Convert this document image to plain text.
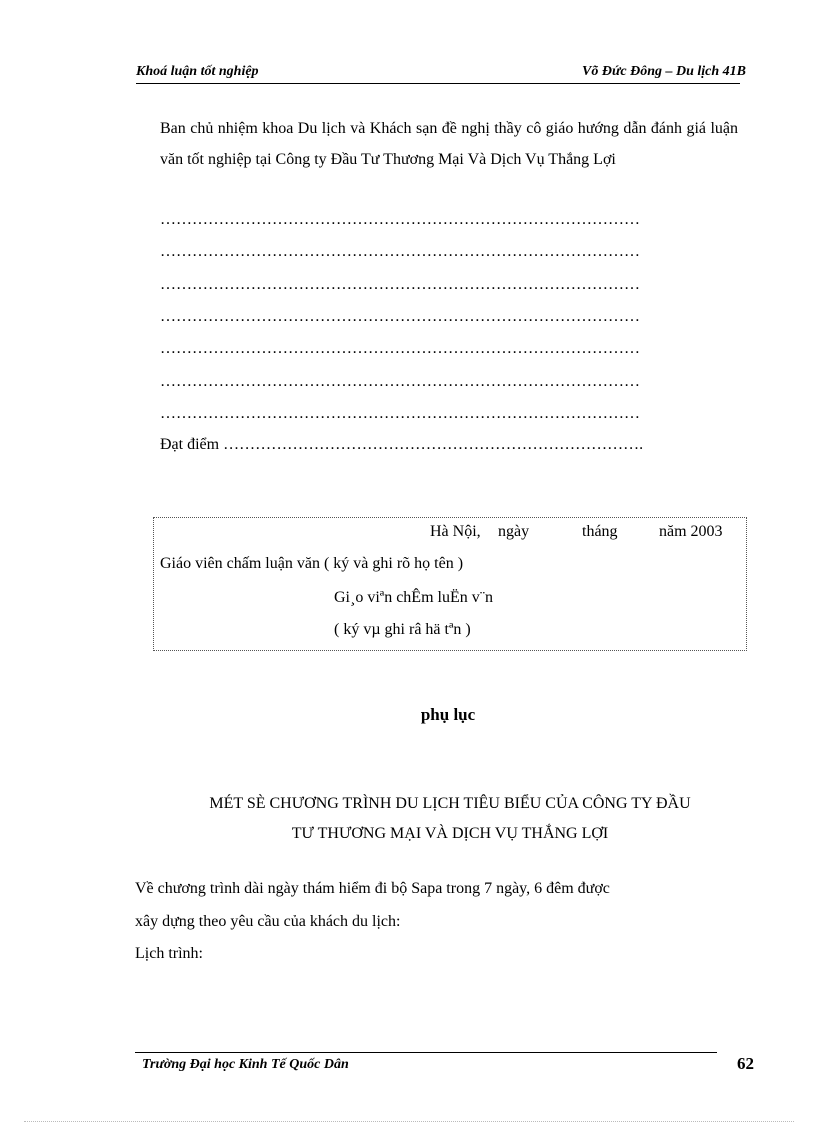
Khoá luận tốt nghiệp	Võ Đức Đông – Du lịch 41B
Ban chủ nhiệm khoa Du lịch và Khách sạn đề nghị thầy cô giáo hướng dẫn đánh giá luận văn tốt nghiệp tại Công ty Đầu Tư Thương Mại Và Dịch Vụ Thắng Lợi
………………………………………………………………………………
………………………………………………………………………………
………………………………………………………………………………
………………………………………………………………………………
………………………………………………………………………………
………………………………………………………………………………
………………………………………………………………………………
Đạt điểm …………………………………………………………………….
Hà Nội, ngày	tháng	năm 2003
Giáo viên chấm luận văn ( ký và ghi rõ họ tên )
Gi¸o viªn chÊm luËn v¨n
( ký vµ ghi râ hä tªn )
phụ lục
MÉT SÈ CHƯƠNG TRÌNH DU LỊCH TIÊU BIỂU CỦA CÔNG TY ĐẦU
TƯ THƯƠNG MẠI VÀ DỊCH VỤ THẮNG LỢI
Về chương trình dài ngày thám hiểm đi bộ Sapa trong 7 ngày, 6 đêm được
xây dựng theo yêu cầu của khách du lịch:
Lịch trình:
Trường Đại học Kinh Tế Quốc Dân	62
